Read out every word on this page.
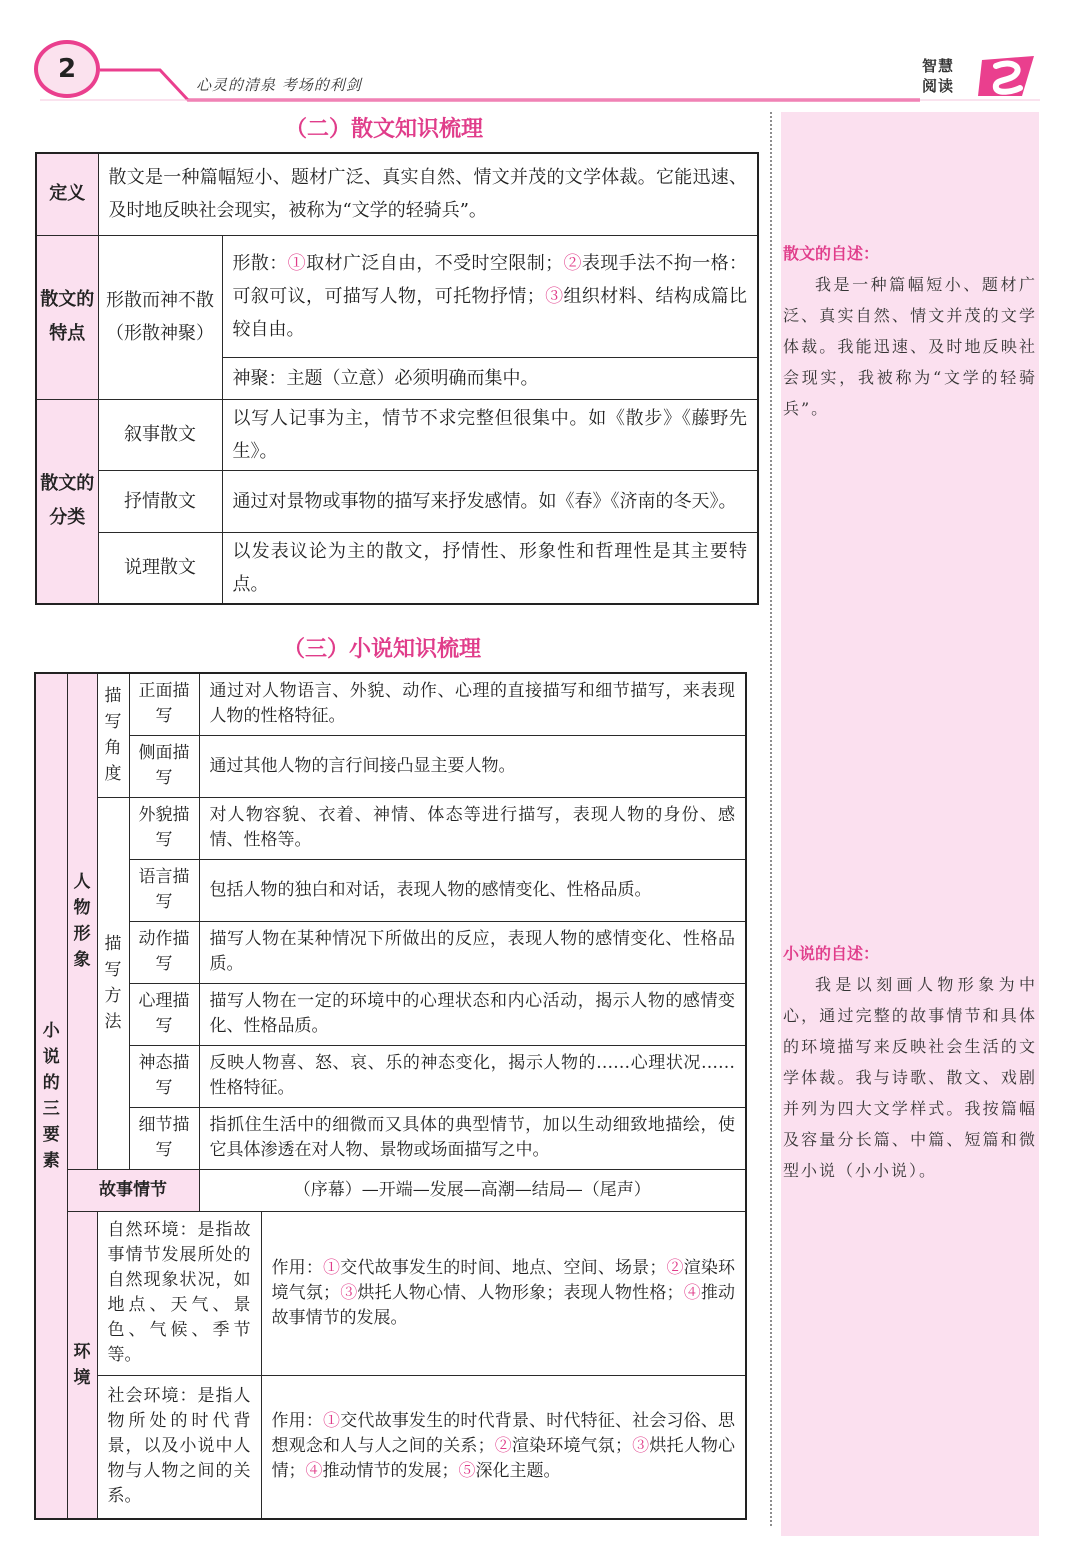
2
心灵的清泉 考场的利剑
智慧
阅读
散文的自述：
我是一种篇幅短小、题材广泛、真实自然、情文并茂的文学体裁。我能迅速、及时地反映社会现实，我被称为“文学的轻骑兵”。
小说的自述：
我是以刻画人物形象为中心，通过完整的故事情节和具体的环境描写来反映社会生活的文学体裁。我与诗歌、散文、戏剧并列为四大文学样式。我按篇幅及容量分长篇、中篇、短篇和微型小说（小小说）。
（二）散文知识梳理
定义	散文是一种篇幅短小、题材广泛、真实自然、情文并茂的文学体裁。它能迅速、及时地反映社会现实，被称为“文学的轻骑兵”。	
散文的特点	形散而神不散（形散神聚）	形散：①取材广泛自由，不受时空限制；②表现手法不拘一格：可叙可议，可描写人物，可托物抒情；③组织材料、结构成篇比较自由。
		神聚：主题（立意）必须明确而集中。
散文的分类	叙事散文	以写人记事为主，情节不求完整但很集中。如《散步》《藤野先生》。
	抒情散文	通过对景物或事物的描写来抒发感情。如《春》《济南的冬天》。
	说理散文	以发表议论为主的散文，抒情性、形象性和哲理性是其主要特点。
（三）小说知识梳理
小说的三要素	人物形象	描写角度	正面描写	通过对人物语言、外貌、动作、心理的直接描写和细节描写，来表现人物的性格特征。	
			侧面描写	通过其他人物的言行间接凸显主要人物。	
		描写方法	外貌描写	对人物容貌、衣着、神情、体态等进行描写，表现人物的身份、感情、性格等。	
			语言描写	包括人物的独白和对话，表现人物的感情变化、性格品质。	
			动作描写	描写人物在某种情况下所做出的反应，表现人物的感情变化、性格品质。	
			心理描写	描写人物在一定的环境中的心理状态和内心活动，揭示人物的感情变化、性格品质。	
			神态描写	反映人物喜、怒、哀、乐的神态变化，揭示人物的……心理状况……性格特征。	
			细节描写	指抓住生活中的细微而又具体的典型情节，加以生动细致地描绘，使它具体渗透在对人物、景物或场面描写之中。	
	故事情节			（序幕）—开端—发展—高潮—结局—（尾声）	
	环境	自然环境：是指故事情节发展所处的自然现象状况，如地点、天气、景色、气候、季节等。			作用：①交代故事发生的时间、地点、空间、场景；②渲染环境气氛；③烘托人物心情、人物形象；表现人物性格；④推动故事情节的发展。
		社会环境：是指人物所处的时代背景，以及小说中人物与人物之间的关系。			作用：①交代故事发生的时代背景、时代特征、社会习俗、思想观念和人与人之间的关系；②渲染环境气氛；③烘托人物心情；④推动情节的发展；⑤深化主题。
